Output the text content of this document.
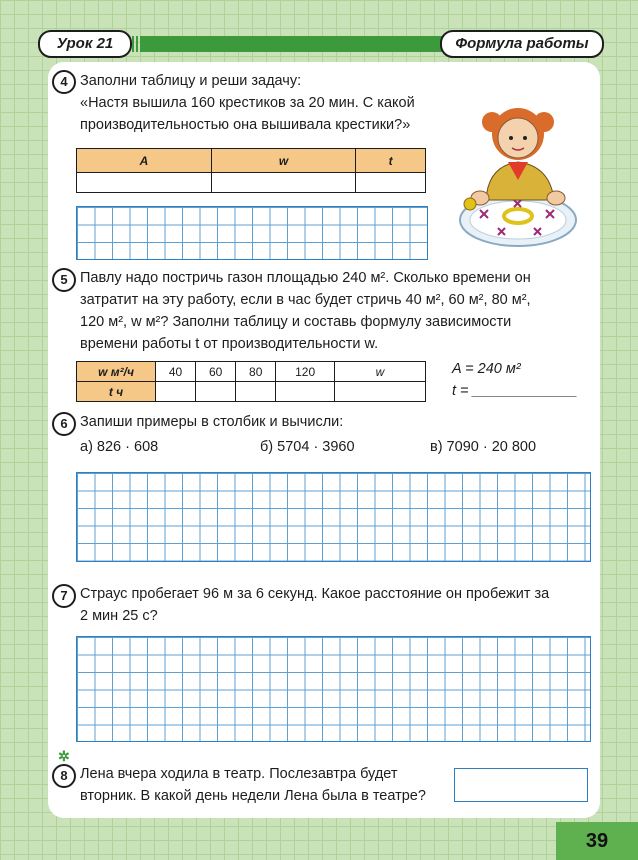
Урок 21	Формула работы
4 Заполни таблицу и реши задачу:
«Настя вышила 160 крестиков за 20 мин. С какой
производительностью она вышивала крестики?»
A	w	t

5 Павлу надо постричь газон площадью 240 м². Сколько времени он
затратит на эту работу, если в час будет стричь 40 м², 60 м², 80 м²,
120 м², w м²? Заполни таблицу и составь формулу зависимости
времени работы t от производительности w.
w м²/ч	40	60	80	120	w
t ч					
A = 240 м²
t = _____________
6 Запиши примеры в столбик и вычисли:
а) 826 · 608	б) 5704 · 3960	в) 7090 · 20 800
7 Страус пробегает 96 м за 6 секунд. Какое расстояние он пробежит за
2 мин 25 с?
✲
8 Лена вчера ходила в театр. Послезавтра будет
вторник. В какой день недели Лена была в театре?
39
